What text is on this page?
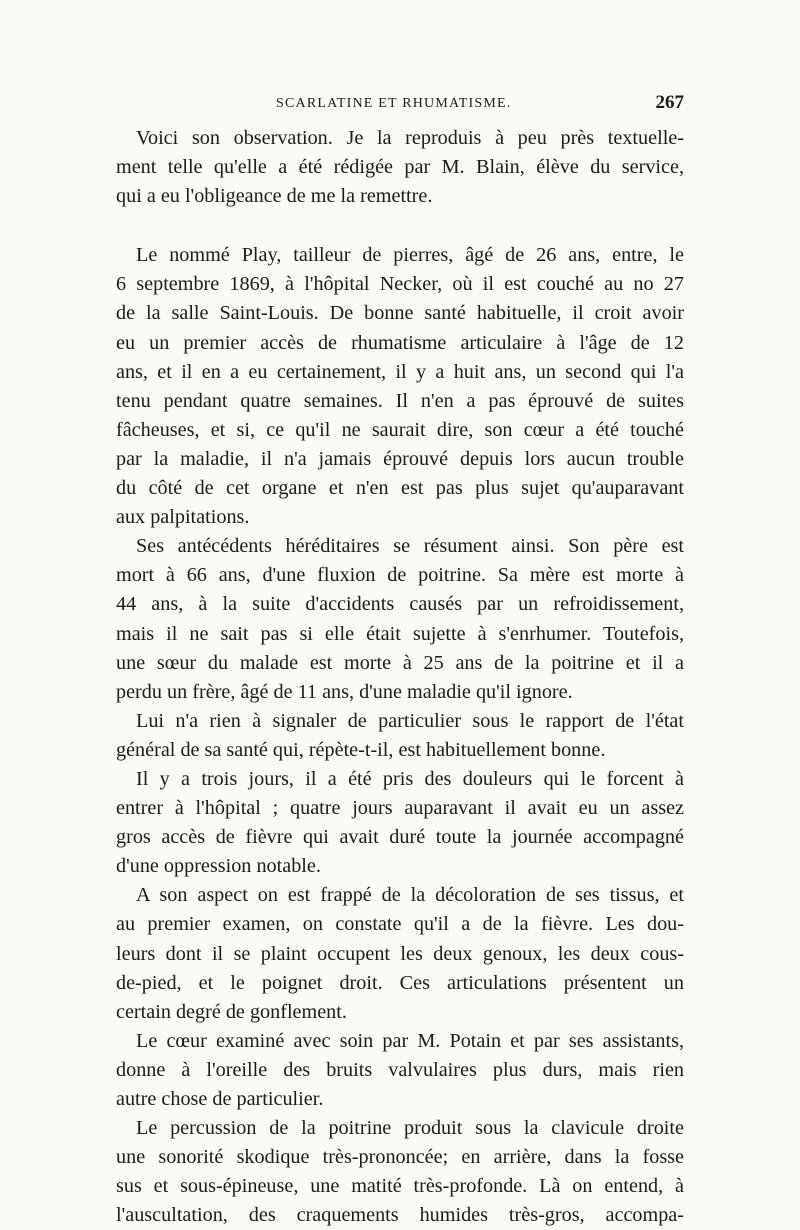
SCARLATINE ET RHUMATISME.	267
Voici son observation. Je la reproduis à peu près textuelle-
ment telle qu'elle a été rédigée par M. Blain, élève du service,
qui a eu l'obligeance de me la remettre.
Le nommé Play, tailleur de pierres, âgé de 26 ans, entre, le
6 septembre 1869, à l'hôpital Necker, où il est couché au no 27
de la salle Saint-Louis. De bonne santé habituelle, il croit avoir
eu un premier accès de rhumatisme articulaire à l'âge de 12
ans, et il en a eu certainement, il y a huit ans, un second qui l'a
tenu pendant quatre semaines. Il n'en a pas éprouvé de suites
fâcheuses, et si, ce qu'il ne saurait dire, son cœur a été touché
par la maladie, il n'a jamais éprouvé depuis lors aucun trouble
du côté de cet organe et n'en est pas plus sujet qu'auparavant
aux palpitations.
Ses antécédents héréditaires se résument ainsi. Son père est
mort à 66 ans, d'une fluxion de poitrine. Sa mère est morte à
44 ans, à la suite d'accidents causés par un refroidissement,
mais il ne sait pas si elle était sujette à s'enrhumer. Toutefois,
une sœur du malade est morte à 25 ans de la poitrine et il a
perdu un frère, âgé de 11 ans, d'une maladie qu'il ignore.
Lui n'a rien à signaler de particulier sous le rapport de l'état
général de sa santé qui, répète-t-il, est habituellement bonne.
Il y a trois jours, il a été pris des douleurs qui le forcent à
entrer à l'hôpital ; quatre jours auparavant il avait eu un assez
gros accès de fièvre qui avait duré toute la journée accompagné
d'une oppression notable.
A son aspect on est frappé de la décoloration de ses tissus, et
au premier examen, on constate qu'il a de la fièvre. Les dou-
leurs dont il se plaint occupent les deux genoux, les deux cous-
de-pied, et le poignet droit. Ces articulations présentent un
certain degré de gonflement.
Le cœur examiné avec soin par M. Potain et par ses assistants,
donne à l'oreille des bruits valvulaires plus durs, mais rien
autre chose de particulier.
Le percussion de la poitrine produit sous la clavicule droite
une sonorité skodique très-prononcée; en arrière, dans la fosse
sus et sous-épineuse, une matité très-profonde. Là on entend, à
l'auscultation, des craquements humides très-gros, accompa-
